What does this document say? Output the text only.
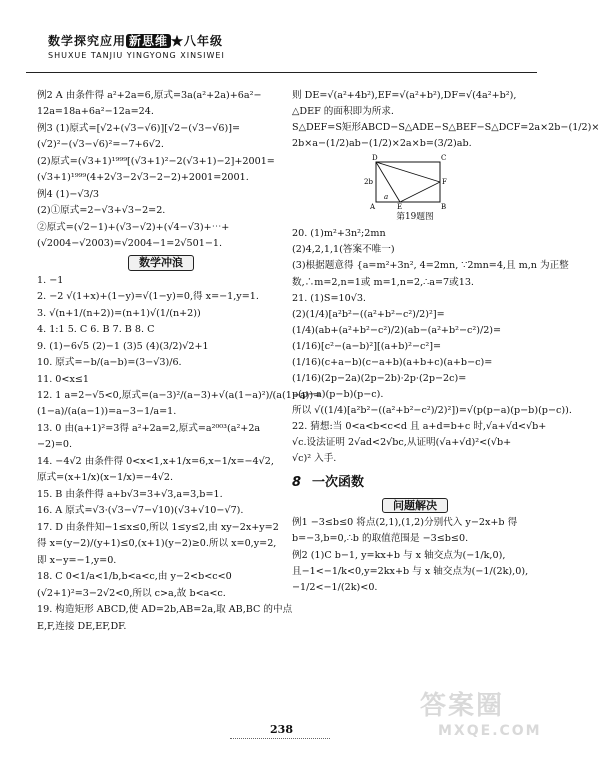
数学探究应用 新思维 ★八年级
SHUXUE TANJIU YINGYONG XINSIWEI
例2 A 由条件得 a²+2a=6,原式=3a(a²+2a)+6a²−
12a=18a+6a²−12a=24.
例3 (1)原式=[√2+(√3−√6)][√2−(√3−√6)]=
(√2)²−(√3−√6)²=−7+6√2.
(2)原式=(√3+1)¹⁹⁹⁹[(√3+1)²−2(√3+1)−2]+2001=
(√3+1)¹⁹⁹⁹(4+2√3−2√3−2−2)+2001=2001.
例4 (1)−√3/3
(2)①原式=2−√3+√3−2=2.
②原式=(√2−1)+(√3−√2)+(√4−√3)+⋯+
(√2004−√2003)=√2004−1=2√501−1.
数学冲浪
1. −1
2. −2 √(1+x)+(1−y)=√(1−y)=0,得 x=−1,y=1.
3. √(n+1/(n+2))=(n+1)√(1/(n+2))
4. 1:1 5. C 6. B 7. B 8. C
9. (1)−6√5 (2)−1 (3)5 (4)(3/2)√2+1
10. 原式=−b/(a−b)=(3−√3)/6.
11. 0<x≤1
12. 1 a=2−√5<0,原式=(a−3)²/(a−3)+√(a(1−a)²)/(a(1−a))=
(1−a)/(a(a−1))=a−3−1/a=1.
13. 0 由(a+1)²=3得 a²+2a=2,原式=a²⁰⁰³(a²+2a
−2)=0.
14. −4√2 由条件得 0<x<1,x+1/x=6,x−1/x=−4√2,
原式=(x+1/x)(x−1/x)=−4√2.
15. B 由条件得 a+b√3=3+√3,a=3,b=1.
16. A 原式=√3·(√3−√7−√10)(√3+√10−√7).
17. D 由条件知−1≤x≤0,所以 1≤y≤2,由 xy−2x+y=2
得 x=(y−2)/(y+1)≤0,(x+1)(y−2)≥0.所以 x=0,y=2,
即 x−y=−1,y=0.
18. C 0<1/a<1/b,b<a<c,由 y−2<b<c<0
(√2+1)²=3−2√2<0,所以 c>a,故 b<a<c.
19. 构造矩形 ABCD,使 AD=2b,AB=2a,取 AB,BC 的中点
E,F,连接 DE,EF,DF.
则 DE=√(a²+4b²),EF=√(a²+b²),DF=√(4a²+b²),
△DEF 的面积即为所求.
S△DEF=S矩形ABCD−S△ADE−S△BEF−S△DCF=2a×2b−(1/2)×
2b×a−(1/2)ab−(1/2)×2a×b=(3/2)ab.
D	C
A	B
E
F
2b
a
第19题图
20. (1)m²+3n²;2mn
(2)4,2,1,1(答案不唯一)
(3)根据题意得 {a=m²+3n², 4=2mn, ∵2mn=4,且 m,n 为正整
数,∴m=2,n=1或 m=1,n=2,∴a=7或13.
21. (1)S=10√3.
(2)(1/4)[a²b²−((a²+b²−c²)/2)²]=
(1/4)(ab+(a²+b²−c²)/2)(ab−(a²+b²−c²)/2)=
(1/16)[c²−(a−b)²][(a+b)²−c²]=
(1/16)(c+a−b)(c−a+b)(a+b+c)(a+b−c)=
(1/16)(2p−2a)(2p−2b)·2p·(2p−2c)=
p(p−a)(p−b)(p−c).
所以 √((1/4)[a²b²−((a²+b²−c²)/2)²])=√(p(p−a)(p−b)(p−c)).
22. 猜想:当 0<a<b<c<d 且 a+d=b+c 时,√a+√d<√b+
√c.设法证明 2√ad<2√bc,从证明(√a+√d)²<(√b+
√c)² 入手.
8 一次函数
问题解决
例1 −3≤b≤0 将点(2,1),(1,2)分别代入 y−2x+b 得
b=−3,b=0,∴b 的取值范围是 −3≤b≤0.
例2 (1)C b−1, y=kx+b 与 x 轴交点为(−1/k,0),
且−1<−1/k<0,y=2kx+b 与 x 轴交点为(−1/(2k),0),
−1/2<−1/(2k)<0.
238
答案圈
MXQE.COM
